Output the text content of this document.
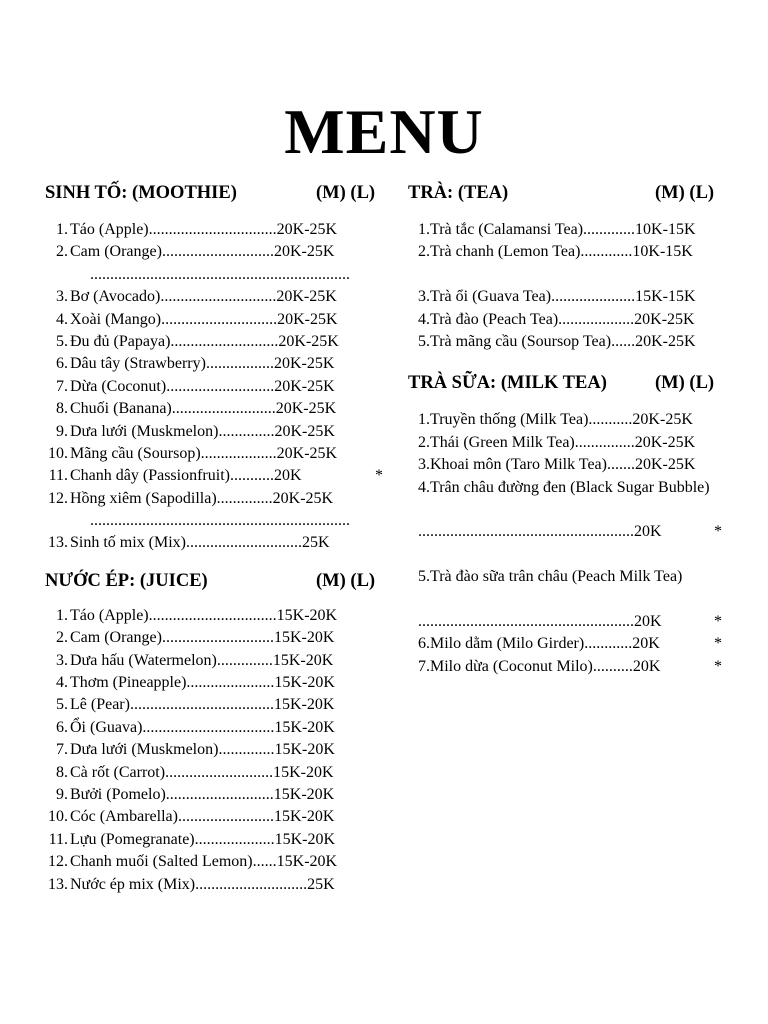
MENU
SINH TỐ: (MOOTHIE)	(M) (L)
1. Táo (Apple)................................20K-25K
2. Cam (Orange)............................20K-25K
.................................................................
3. Bơ (Avocado).............................20K-25K
4. Xoài (Mango).............................20K-25K
5. Đu đủ (Papaya)...........................20K-25K
6. Dâu tây (Strawberry).................20K-25K
7. Dừa (Coconut)...........................20K-25K
8. Chuối (Banana)..........................20K-25K
9. Dưa lưới (Muskmelon)..............20K-25K
10. Mãng cầu (Soursop)...................20K-25K
11. Chanh dây (Passionfruit)...........20K	*
12. Hồng xiêm (Sapodilla)..............20K-25K
.................................................................
13. Sinh tố mix (Mix).............................25K
NƯỚC ÉP: (JUICE)	(M) (L)
1. Táo (Apple)................................15K-20K
2. Cam (Orange)............................15K-20K
3. Dưa hấu (Watermelon)..............15K-20K
4. Thơm (Pineapple)......................15K-20K
5. Lê (Pear)....................................15K-20K
6. Ổi (Guava).................................15K-20K
7. Dưa lưới (Muskmelon)..............15K-20K
8. Cà rốt (Carrot)...........................15K-20K
9. Bưởi (Pomelo)...........................15K-20K
10. Cóc (Ambarella)........................15K-20K
11. Lựu (Pomegranate)....................15K-20K
12. Chanh muối (Salted Lemon)......15K-20K
13. Nước ép mix (Mix)............................25K
TRÀ: (TEA)	(M) (L)
1.Trà tắc (Calamansi Tea).............10K-15K
2.Trà chanh (Lemon Tea).............10K-15K
3.Trà ổi (Guava Tea).....................15K-15K
4.Trà đào (Peach Tea)...................20K-25K
5.Trà mãng cầu (Soursop Tea)......20K-25K
TRÀ SỮA: (MILK TEA)	(M) (L)
1.Truyền thống (Milk Tea)...........20K-25K
2.Thái (Green Milk Tea)...............20K-25K
3.Khoai môn (Taro Milk Tea).......20K-25K
4.Trân châu đường đen (Black Sugar Bubble)
......................................................20K	*
5.Trà đào sữa trân châu (Peach Milk Tea)
......................................................20K	*
6.Milo dằm (Milo Girder)............20K	*
7.Milo dừa (Coconut Milo)..........20K	*
